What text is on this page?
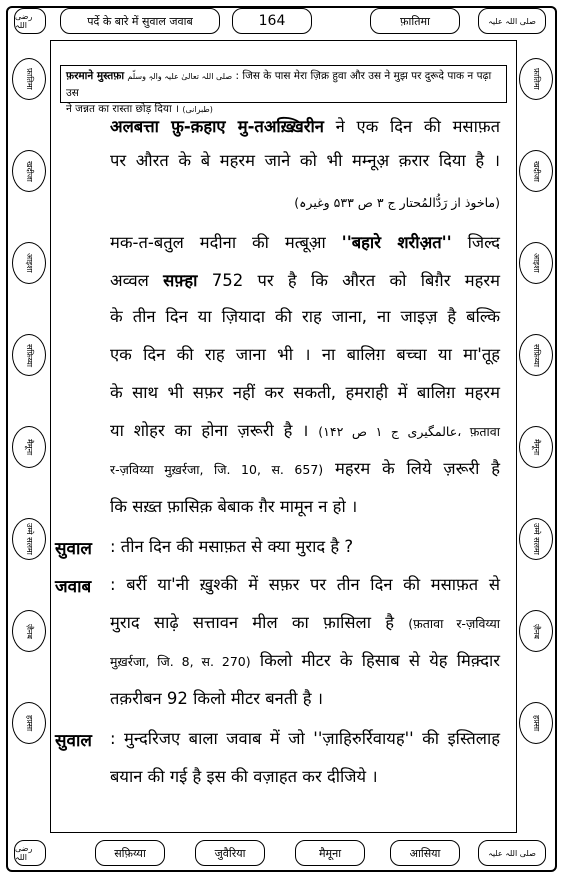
رضی اللہ	पर्दे के बारे में सुवाल जवाब	164	फ़ातिमा	صلی اللہ علیہ
फ़ातिमा
खदीजा
आइशा
सफ़िय्या
मैमूना
उम्मे सलमा
ज़ैनब
हफ़्सा
फ़ातिमा
खदीजा
आइशा
सफ़िय्या
मैमूना
उम्मे सलमा
ज़ैनब
हफ़्सा
फ़रमाने मुस्तफ़ा صلی اللہ تعالیٰ علیہ والہٖ وسلّم : जिस के पास मेरा ज़िक्र हुवा और उस ने मुझ पर दुरूदे पाक न पढ़ा उस
ने जन्नत का रास्ता छोड़ दिया । (طبرانی)
अलबत्ता फ़ु-क़हाए मु-तअख़्ख़िरीन ने एक दिन की मसाफ़त
पर औरत के बे महरम जाने को भी मम्नूअ़ क़रार दिया है ।
(ماخوذ از رَدُّالمُحتار ج ۳ ص ۵۳۳ وغیرہ)
मक-त-बतुल मदीना की मत्बूआ़ ''बहारे शरीअ़त'' जिल्द
अव्वल सफ़्हा 752 पर है कि औरत को बिग़ैर महरम
के तीन दिन या ज़ियादा की राह जाना, ना जाइज़ है बल्कि
एक दिन की राह जाना भी । ना बालिग़ बच्चा या मा'तूह
के साथ भी सफ़र नहीं कर सकती, हमराही में बालिग़ महरम
या शोहर का होना ज़रूरी है । (عالمگیری ج ۱ ص ۱۴۲، फ़तावा
र-ज़विय्या मुख़र्रजा, जि. 10, स. 657) महरम के लिये ज़रूरी है
कि सख़्त फ़ासिक़ बेबाक ग़ैर मामून न हो ।
सुवाल : तीन दिन की मसाफ़त से क्या मुराद है ?
जवाब : बर्री या'नी ख़ुश्की में सफ़र पर तीन दिन की मसाफ़त से
मुराद साढ़े सत्तावन मील का फ़ासिला है (फ़तावा र-ज़विय्या
मुख़र्रजा, जि. 8, स. 270) किलो मीटर के हिसाब से येह मिक़्दार
तक़रीबन 92 किलो मीटर बनती है ।
सुवाल : मुन्दरिजए बाला जवाब में जो ''ज़ाहिरुर्रिवायह'' की इस्तिलाह
बयान की गई है इस की वज़ाहत कर दीजिये ।
رضی اللہ	सफ़िय्या	जुवैरिया	मैमूना	आसिया	صلی اللہ علیہ
